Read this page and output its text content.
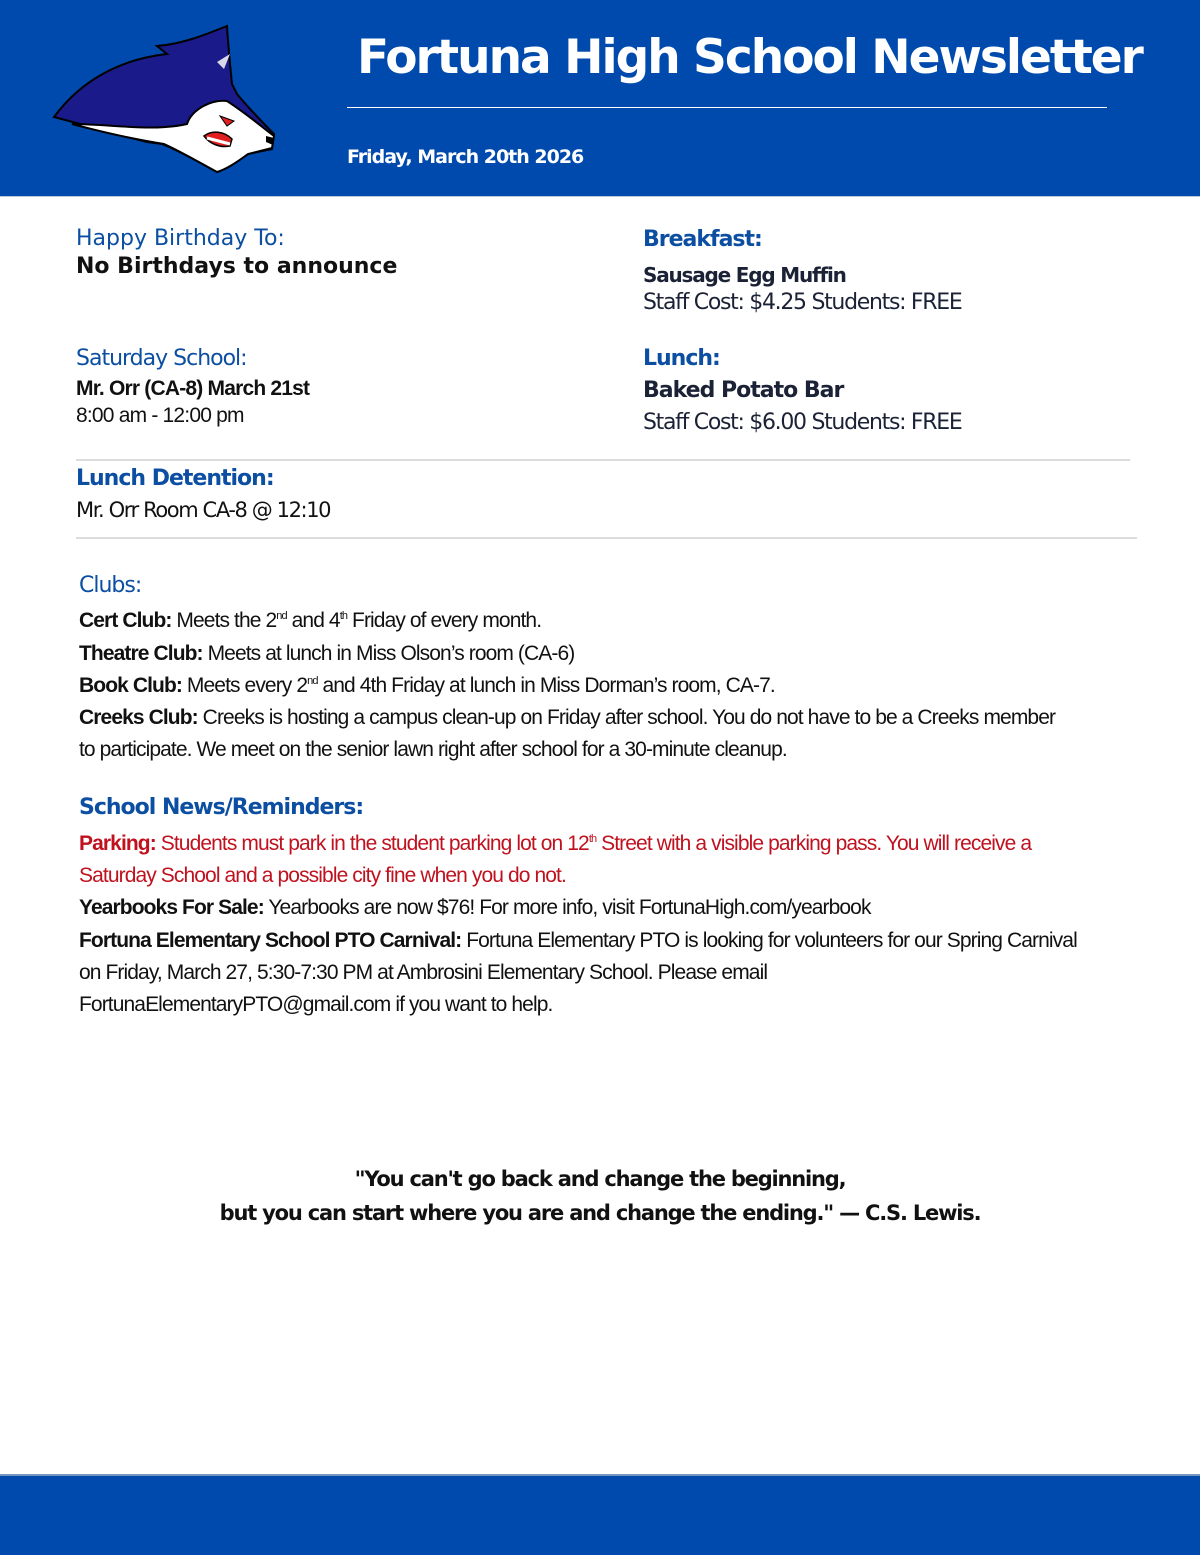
Fortuna High School Newsletter
Friday, March 20th 2026
Happy Birthday To:
No Birthdays to announce
Saturday School:
Mr. Orr (CA-8) March 21st
8:00 am - 12:00 pm
Breakfast:
Sausage Egg Muffin
Staff Cost: $4.25 Students: FREE
Lunch:
Baked Potato Bar
Staff Cost: $6.00 Students: FREE
Lunch Detention:
Mr. Orr Room CA-8 @ 12:10
Clubs:
Cert Club: Meets the 2nd and 4th Friday of every month.
Theatre Club: Meets at lunch in Miss Olson’s room (CA-6)
Book Club: Meets every 2nd and 4th Friday at lunch in Miss Dorman’s room, CA-7.
Creeks Club: Creeks is hosting a campus clean-up on Friday after school. You do not have to be a Creeks member
to participate. We meet on the senior lawn right after school for a 30-minute cleanup.
School News/Reminders:
Parking: Students must park in the student parking lot on 12th Street with a visible parking pass. You will receive a
Saturday School and a possible city fine when you do not.
Yearbooks For Sale: Yearbooks are now $76! For more info, visit FortunaHigh.com/yearbook
Fortuna Elementary School PTO Carnival: Fortuna Elementary PTO is looking for volunteers for our Spring Carnival
on Friday, March 27, 5:30-7:30 PM at Ambrosini Elementary School. Please email
FortunaElementaryPTO@gmail.com if you want to help.
"You can't go back and change the beginning,
but you can start where you are and change the ending." — C.S. Lewis.
